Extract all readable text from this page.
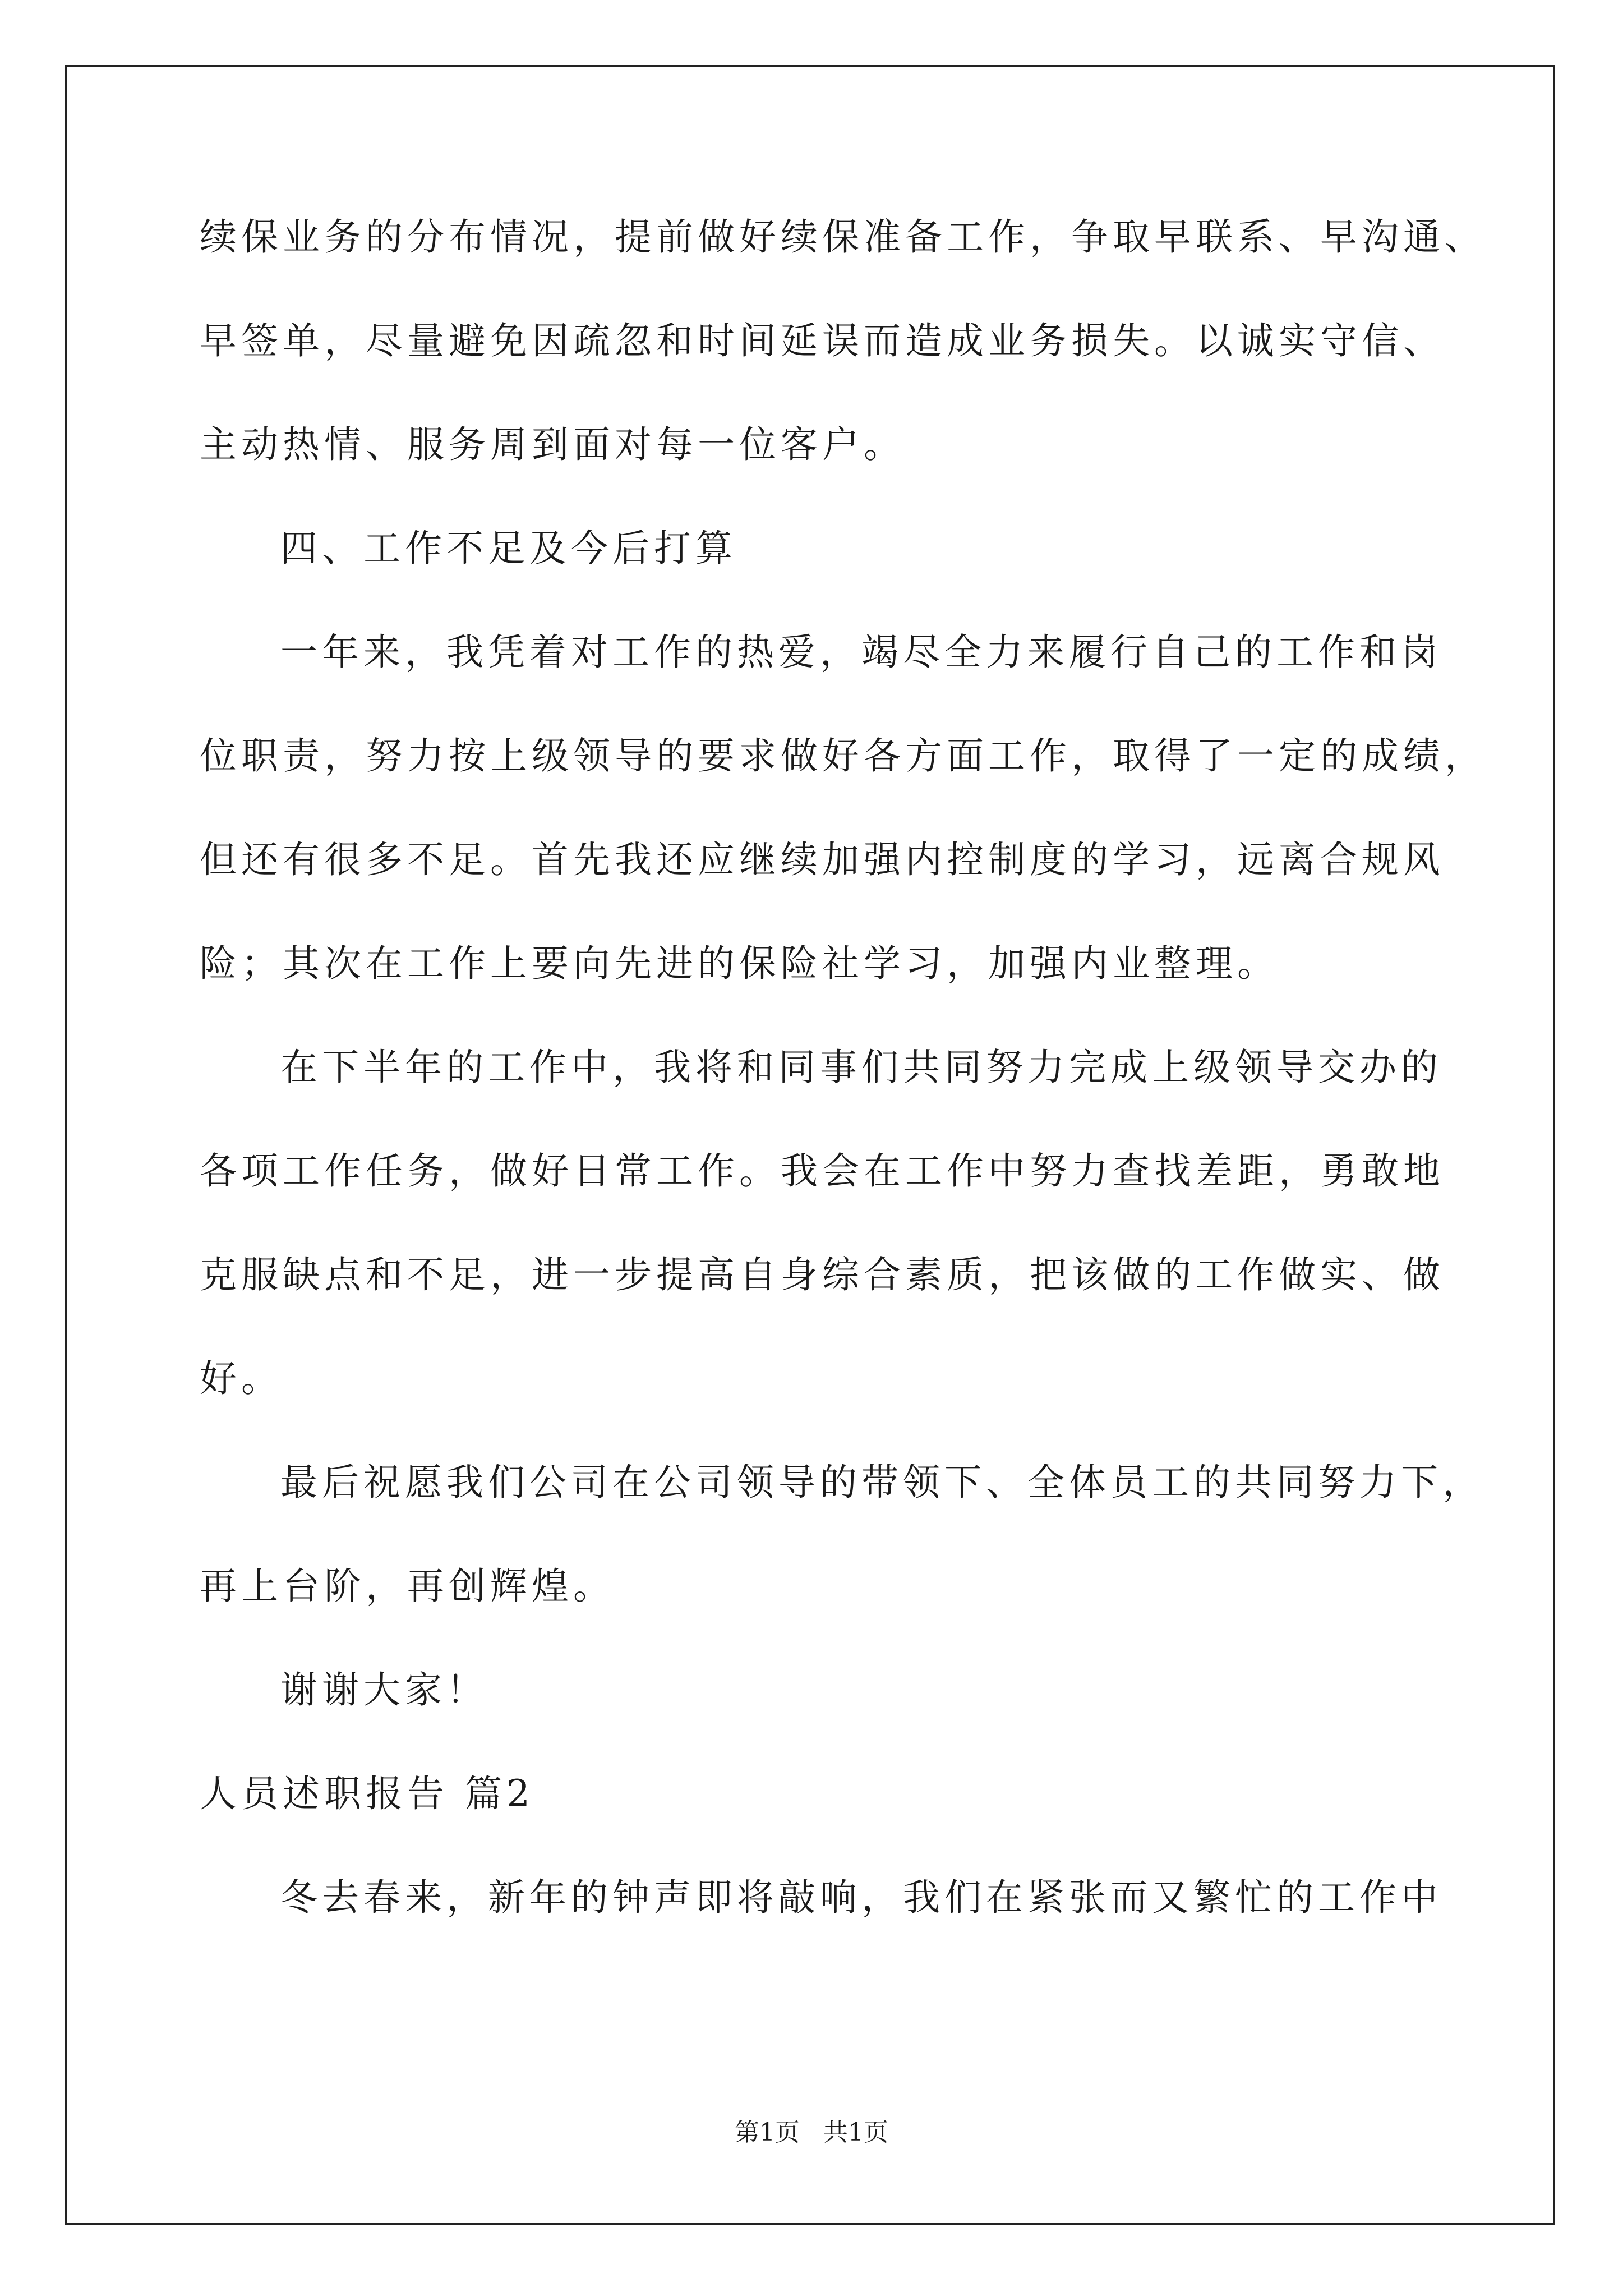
续保业务的分布情况，提前做好续保准备工作，争取早联系、早沟通、
早签单，尽量避免因疏忽和时间延误而造成业务损失。以诚实守信、
主动热情、服务周到面对每一位客户。
四、工作不足及今后打算
一年来，我凭着对工作的热爱，竭尽全力来履行自己的工作和岗
位职责，努力按上级领导的要求做好各方面工作，取得了一定的成绩，
但还有很多不足。首先我还应继续加强内控制度的学习，远离合规风
险；其次在工作上要向先进的保险社学习，加强内业整理。
在下半年的工作中，我将和同事们共同努力完成上级领导交办的
各项工作任务，做好日常工作。我会在工作中努力查找差距，勇敢地
克服缺点和不足，进一步提高自身综合素质，把该做的工作做实、做
好。
最后祝愿我们公司在公司领导的带领下、全体员工的共同努力下，
再上台阶，再创辉煌。
谢谢大家！
人员述职报告 篇2
冬去春来，新年的钟声即将敲响，我们在紧张而又繁忙的工作中
第1页   共1页
